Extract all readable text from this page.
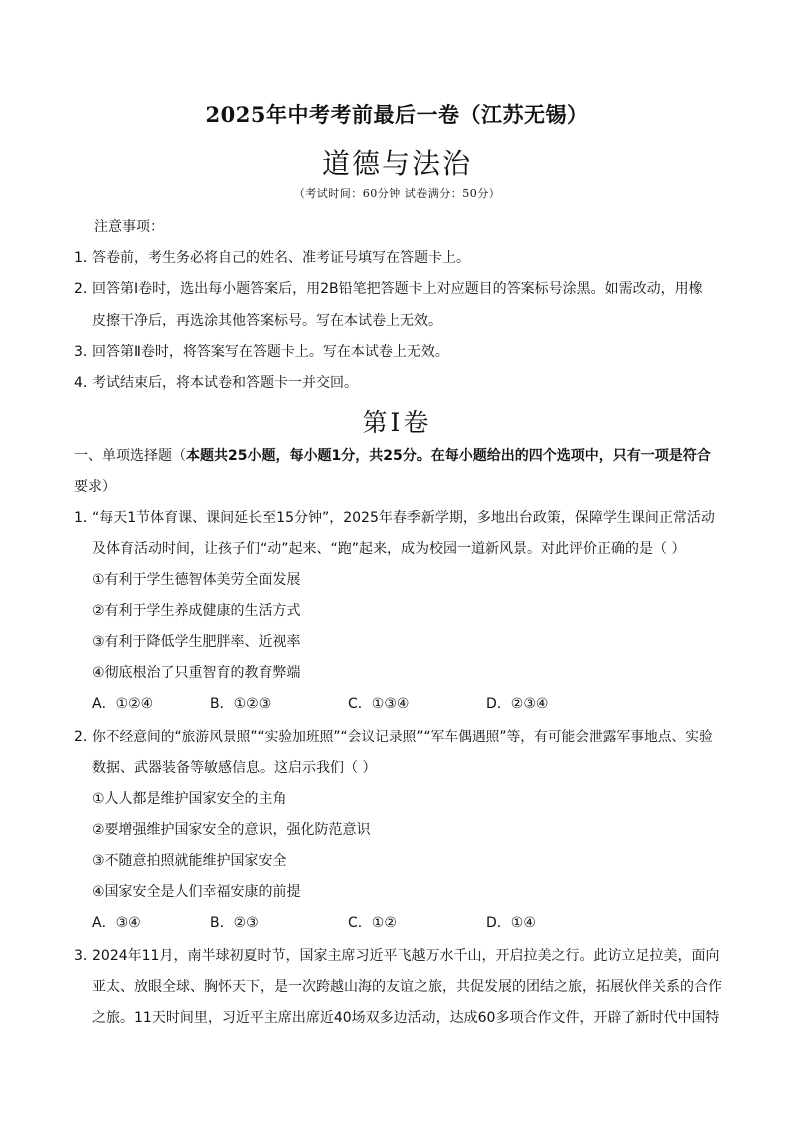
2025年中考考前最后一卷（江苏无锡）
道德与法治
（考试时间：60分钟 试卷满分：50分）
注意事项：
1．
答卷前，考生务必将自己的姓名、准考证号填写在答题卡上。
2．
回答第Ⅰ卷时，选出每小题答案后，用2B铅笔把答题卡上对应题目的答案标号涂黑。如需改动，用橡
皮擦干净后，再选涂其他答案标号。写在本试卷上无效。
3．
回答第Ⅱ卷时，将答案写在答题卡上。写在本试卷上无效。
4．
考试结束后，将本试卷和答题卡一并交回。
第Ⅰ卷
一、单项选择题（本题共25小题，每小题1分，共25分。在每小题给出的四个选项中，只有一项是符合
要求）
1．
“每天1节体育课、课间延长至15分钟”，2025年春季新学期，多地出台政策，保障学生课间正常活动
及体育活动时间，让孩子们“动”起来、“跑”起来，成为校园一道新风景。对此评价正确的是（ ）
①有利于学生德智体美劳全面发展
②有利于学生养成健康的生活方式
③有利于降低学生肥胖率、近视率
④彻底根治了只重智育的教育弊端
A．①②④	B．①②③	C．①③④	D．②③④
2．
你不经意间的“旅游风景照”“实验加班照”“会议记录照”“军车偶遇照”等，有可能会泄露军事地点、实验
数据、武器装备等敏感信息。这启示我们（ ）
①人人都是维护国家安全的主角
②要增强维护国家安全的意识，强化防范意识
③不随意拍照就能维护国家安全
④国家安全是人们幸福安康的前提
A．③④	B．②③	C．①②	D．①④
3．
2024年11月，南半球初夏时节，国家主席习近平飞越万水千山，开启拉美之行。此访立足拉美，面向
亚太、放眼全球、胸怀天下，是一次跨越山海的友谊之旅，共促发展的团结之旅，拓展伙伴关系的合作
之旅。11天时间里，习近平主席出席近40场双多边活动，达成60多项合作文件，开辟了新时代中国特
